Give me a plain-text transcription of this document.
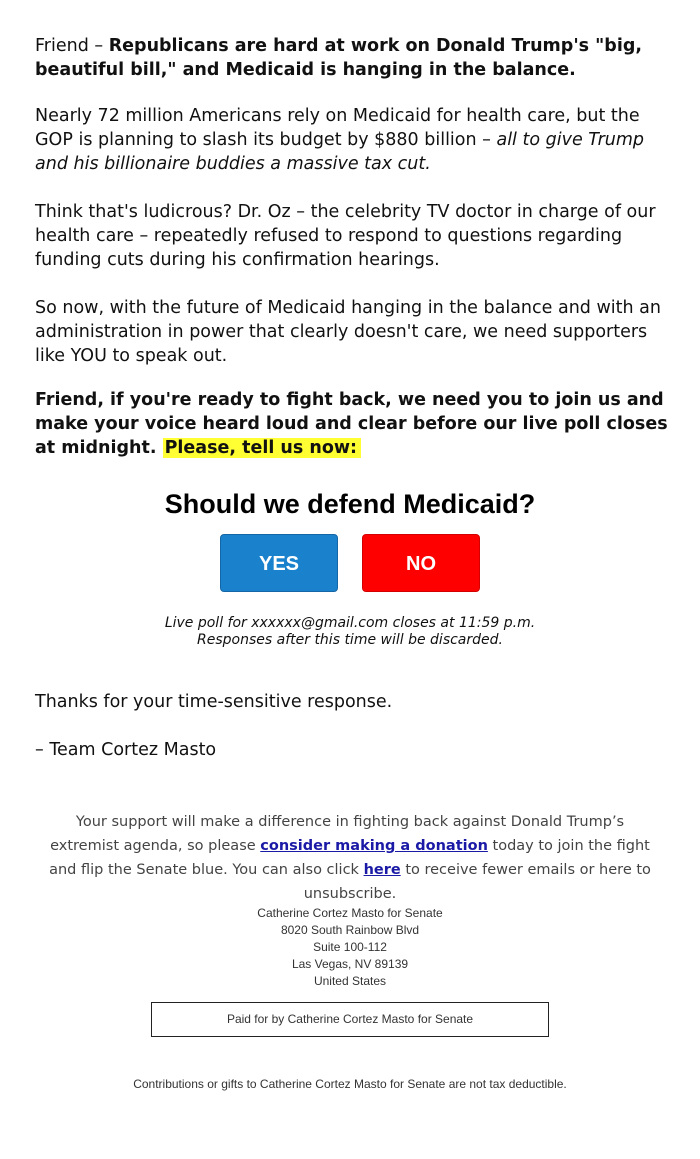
Friend – Republicans are hard at work on Donald Trump's "big, beautiful bill," and Medicaid is hanging in the balance.

Nearly 72 million Americans rely on Medicaid for health care, but the GOP is planning to slash its budget by $880 billion – all to give Trump and his billionaire buddies a massive tax cut.

Think that's ludicrous? Dr. Oz – the celebrity TV doctor in charge of our health care – repeatedly refused to respond to questions regarding funding cuts during his confirmation hearings.

So now, with the future of Medicaid hanging in the balance and with an administration in power that clearly doesn't care, we need supporters like YOU to speak out.

Friend, if you're ready to fight back, we need you to join us and make your voice heard loud and clear before our live poll closes at midnight. Please, tell us now:

Should we defend Medicaid?
YES	NO
Live poll for xxxxxx@gmail.com closes at 11:59 p.m.
Responses after this time will be discarded.
Thanks for your time-sensitive response.
– Team Cortez Masto
Your support will make a difference in fighting back against Donald Trump’s extremist agenda, so please consider making a donation today to join the fight and flip the Senate blue. You can also click here to receive fewer emails or here to unsubscribe.
Catherine Cortez Masto for Senate
8020 South Rainbow Blvd
Suite 100-112
Las Vegas, NV 89139
United States
Paid for by Catherine Cortez Masto for Senate
Contributions or gifts to Catherine Cortez Masto for Senate are not tax deductible.
